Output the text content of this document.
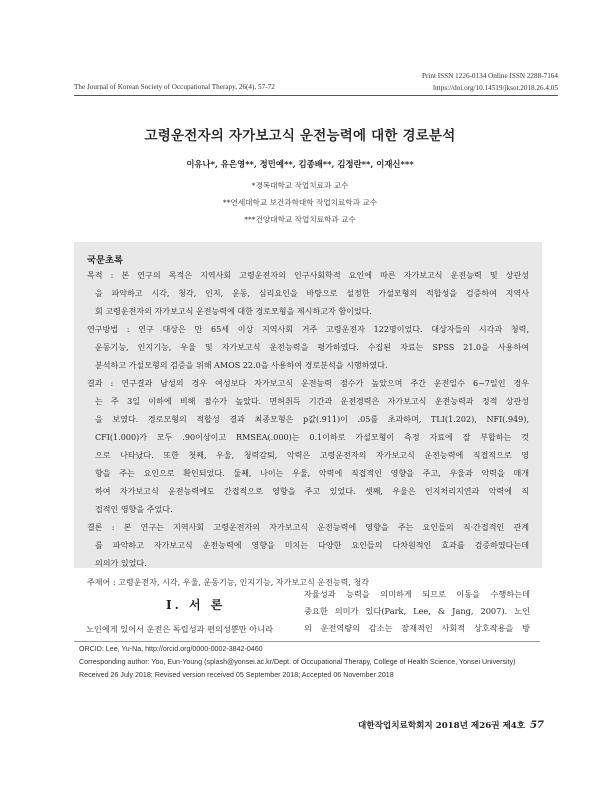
Print ISSN 1226-0134 Online ISSN 2288-7164
https://doi.org/10.14519/jksot.2018.26.4.05
The Journal of Korean Society of Occupational Therapy, 26(4), 57-72
고령운전자의 자가보고식 운전능력에 대한 경로분석
이유나*, 유은영**, 정민예**, 김종배**, 김정란**, 이재신***
*경복대학교 작업치료과 교수
**연세대학교 보건과학대학 작업치료학과 교수
***건양대학교 작업치료학과 교수
국문초록
목적 : 본 연구의 목적은 지역사회 고령운전자의 인구사회학적 요인에 따른 자가보고식 운전능력 및 상관성
을 파악하고 시각, 청각, 인지, 운동, 심리요인을 바탕으로 설정한 가설모형의 적합성을 검증하여 지역사
회 고령운전자의 자가보고식 운전능력에 대한 경로모형을 제시하고자 함이었다.
연구방법 : 연구 대상은 만 65세 이상 지역사회 거주 고령운전자 122명이었다. 대상자들의 시각과 청력,
운동기능, 인지기능, 우울 및 자가보고식 운전능력을 평가하였다. 수집된 자료는 SPSS 21.0을 사용하여
분석하고 가설모형의 검증을 위해 AMOS 22.0을 사용하여 경로분석을 시행하였다.
결과 : 연구결과 남성의 경우 여성보다 자가보고식 운전능력 점수가 높았으며 주간 운전일수 6~7일인 경우
는 주 3일 이하에 비해 점수가 높았다. 면허취득 기간과 운전경력은 자가보고식 운전능력과 정적 상관성
을 보였다. 경로모형의 적합성 결과 최종모형은 p값(.911)이 .05를 초과하며, TLI(1.202), NFI(.949),
CFI(1.000)가 모두 .90이상이고 RMSEA(.000)는 0.1이하로 가설모형이 측정 자료에 잘 부합하는 것
으로 나타났다. 또한 첫째, 우울, 청력감퇴, 악력은 고령운전자의 자가보고식 운전능력에 직접적으로 영
향을 주는 요인으로 확인되었다. 둘째, 나이는 우울, 악력에 직접적인 영향을 주고, 우울과 악력을 매개
하여 자가보고식 운전능력에도 간접적으로 영향을 주고 있었다. 셋째, 우울은 인지처리지연과 악력에 직
접적인 영향을 주었다.
결론 : 본 연구는 지역사회 고령운전자의 자가보고식 운전능력에 영향을 주는 요인들의 직·간접적인 관계
를 파악하고 자가보고식 운전능력에 영향을 미치는 다양한 요인들의 다차원적인 효과를 검증하였다는데
의의가 있었다.
주제어 : 고령운전자, 시각, 우울, 운동기능, 인지기능, 자가보고식 운전능력, 청각
Ⅰ. 서 론
노인에게 있어서 운전은 독립성과 편의성뿐만 아니라
자율성과 능력을 의미하게 되므로 이동을 수행하는데
중요한 의미가 있다(Park, Lee, & Jang, 2007). 노인
의 운전역량의 감소는 잠재적인 사회적 상호작용을 방
ORCID: Lee, Yu-Na, http://orcid.org/0000-0002-3842-0460
Corresponding author: Yoo, Eun-Young (splash@yonsei.ac.kr/Dept. of Occupational Therapy, College of Health Science, Yonsei University)
Received 26 July 2018; Revised version received 05 September 2018; Accepted 06 November 2018
대한작업치료학회지 2018년 제26권 제4호 57
